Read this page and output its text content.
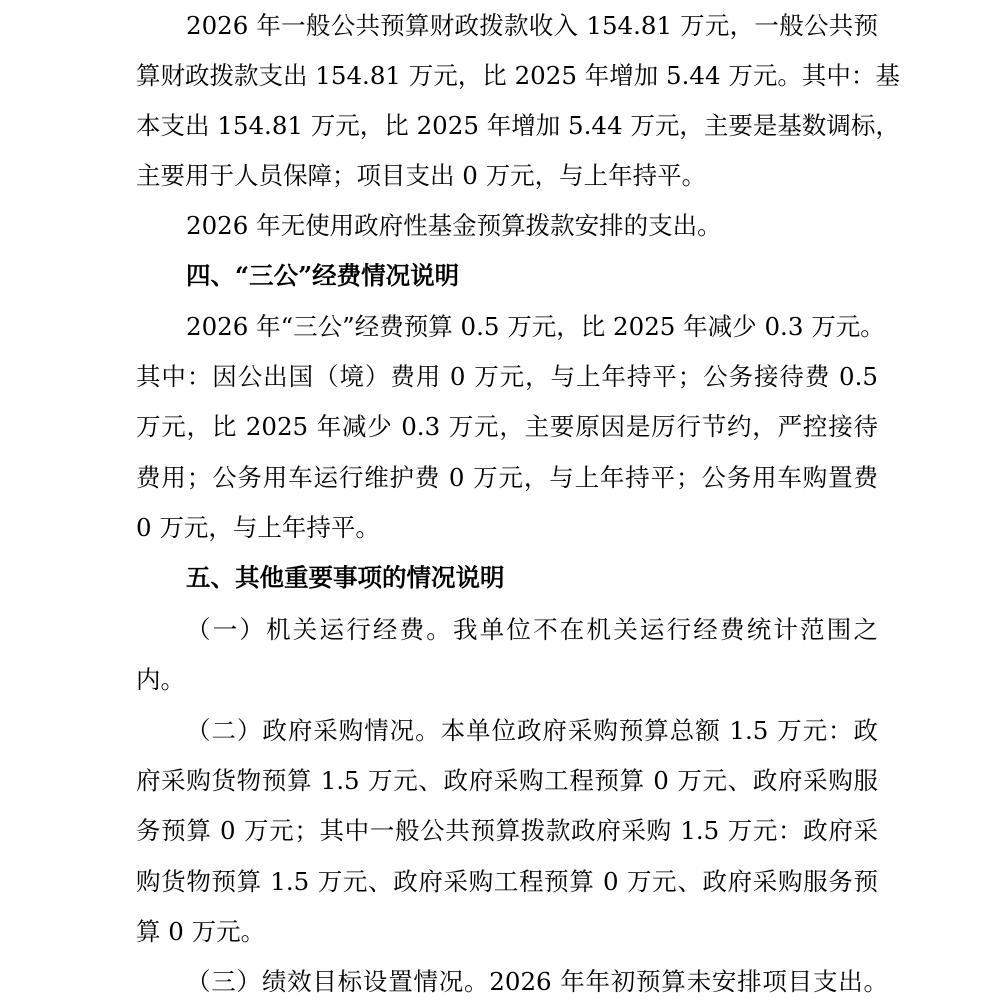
2026 年一般公共预算财政拨款收入 154.81 万元，一般公共预
算财政拨款支出 154.81 万元，比 2025 年增加 5.44 万元。其中：基
本支出 154.81 万元，比 2025 年增加 5.44 万元，主要是基数调标，
主要用于人员保障；项目支出 0 万元，与上年持平。
2026 年无使用政府性基金预算拨款安排的支出。
四、“三公”经费情况说明
2026 年“三公”经费预算 0.5 万元，比 2025 年减少 0.3 万元。
其中：因公出国（境）费用 0 万元，与上年持平；公务接待费 0.5
万元，比 2025 年减少 0.3 万元，主要原因是厉行节约，严控接待
费用；公务用车运行维护费 0 万元，与上年持平；公务用车购置费
0 万元，与上年持平。
五、其他重要事项的情况说明
（一）机关运行经费。我单位不在机关运行经费统计范围之
内。
（二）政府采购情况。本单位政府采购预算总额 1.5 万元：政
府采购货物预算 1.5 万元、政府采购工程预算 0 万元、政府采购服
务预算 0 万元；其中一般公共预算拨款政府采购 1.5 万元：政府采
购货物预算 1.5 万元、政府采购工程预算 0 万元、政府采购服务预
算 0 万元。
（三）绩效目标设置情况。2026 年年初预算未安排项目支出。
